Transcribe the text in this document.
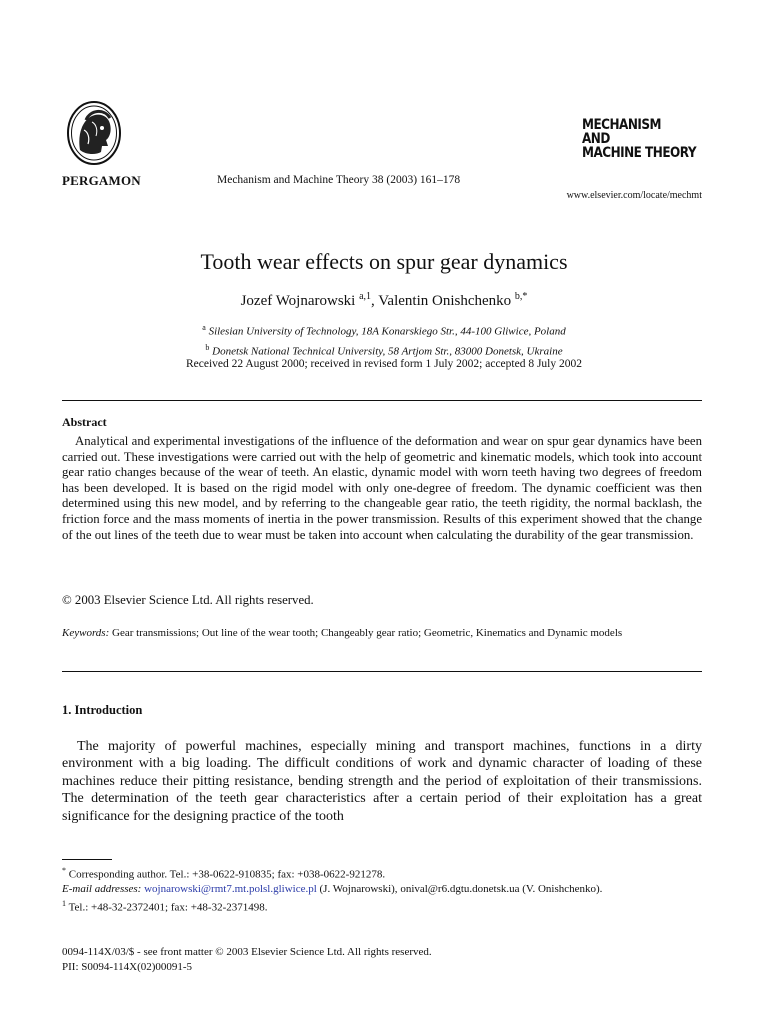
PERGAMON	Mechanism and Machine Theory 38 (2003) 161–178
MECHANISM
AND
MACHINE THEORY
www.elsevier.com/locate/mechmt
Tooth wear effects on spur gear dynamics
Jozef Wojnarowski $^{a,1}$, Valentin Onishchenko $^{b,*}$
$^a$ Silesian University of Technology, 18A Konarskiego Str., 44-100 Gliwice, Poland
$^b$ Donetsk National Technical University, 58 Artjom Str., 83000 Donetsk, Ukraine
Received 22 August 2000; received in revised form 1 July 2002; accepted 8 July 2002
Abstract
Analytical and experimental investigations of the influence of the deformation and wear on spur gear dynamics have been carried out. These investigations were carried out with the help of geometric and kinematic models, which took into account gear ratio changes because of the wear of teeth. An elastic, dynamic model with worn teeth having two degrees of freedom has been developed. It is based on the rigid model with only one-degree of freedom. The dynamic coefficient was then determined using this new model, and by referring to the changeable gear ratio, the teeth rigidity, the normal backlash, the friction force and the mass moments of inertia in the power transmission. Results of this experiment showed that the change of the out lines of the teeth due to wear must be taken into account when calculating the durability of the gear transmission.
© 2003 Elsevier Science Ltd. All rights reserved.
Keywords: Gear transmissions; Out line of the wear tooth; Changeably gear ratio; Geometric, Kinematics and Dynamic models
1. Introduction
The majority of powerful machines, especially mining and transport machines, functions in a dirty environment with a big loading. The difficult conditions of work and dynamic character of loading of these machines reduce their pitting resistance, bending strength and the period of exploitation of their transmissions. The determination of the teeth gear characteristics after a certain period of their exploitation has a great significance for the designing practice of the tooth
* Corresponding author. Tel.: +38-0622-910835; fax: +038-0622-921278.
E-mail addresses: wojnarowski@rmt7.mt.polsl.gliwice.pl (J. Wojnarowski), onival@r6.dgtu.donetsk.ua (V. Onishchenko).
$^1$ Tel.: +48-32-2372401; fax: +48-32-2371498.
0094-114X/03/$ - see front matter © 2003 Elsevier Science Ltd. All rights reserved.
PII: S0094-114X(02)00091-5
